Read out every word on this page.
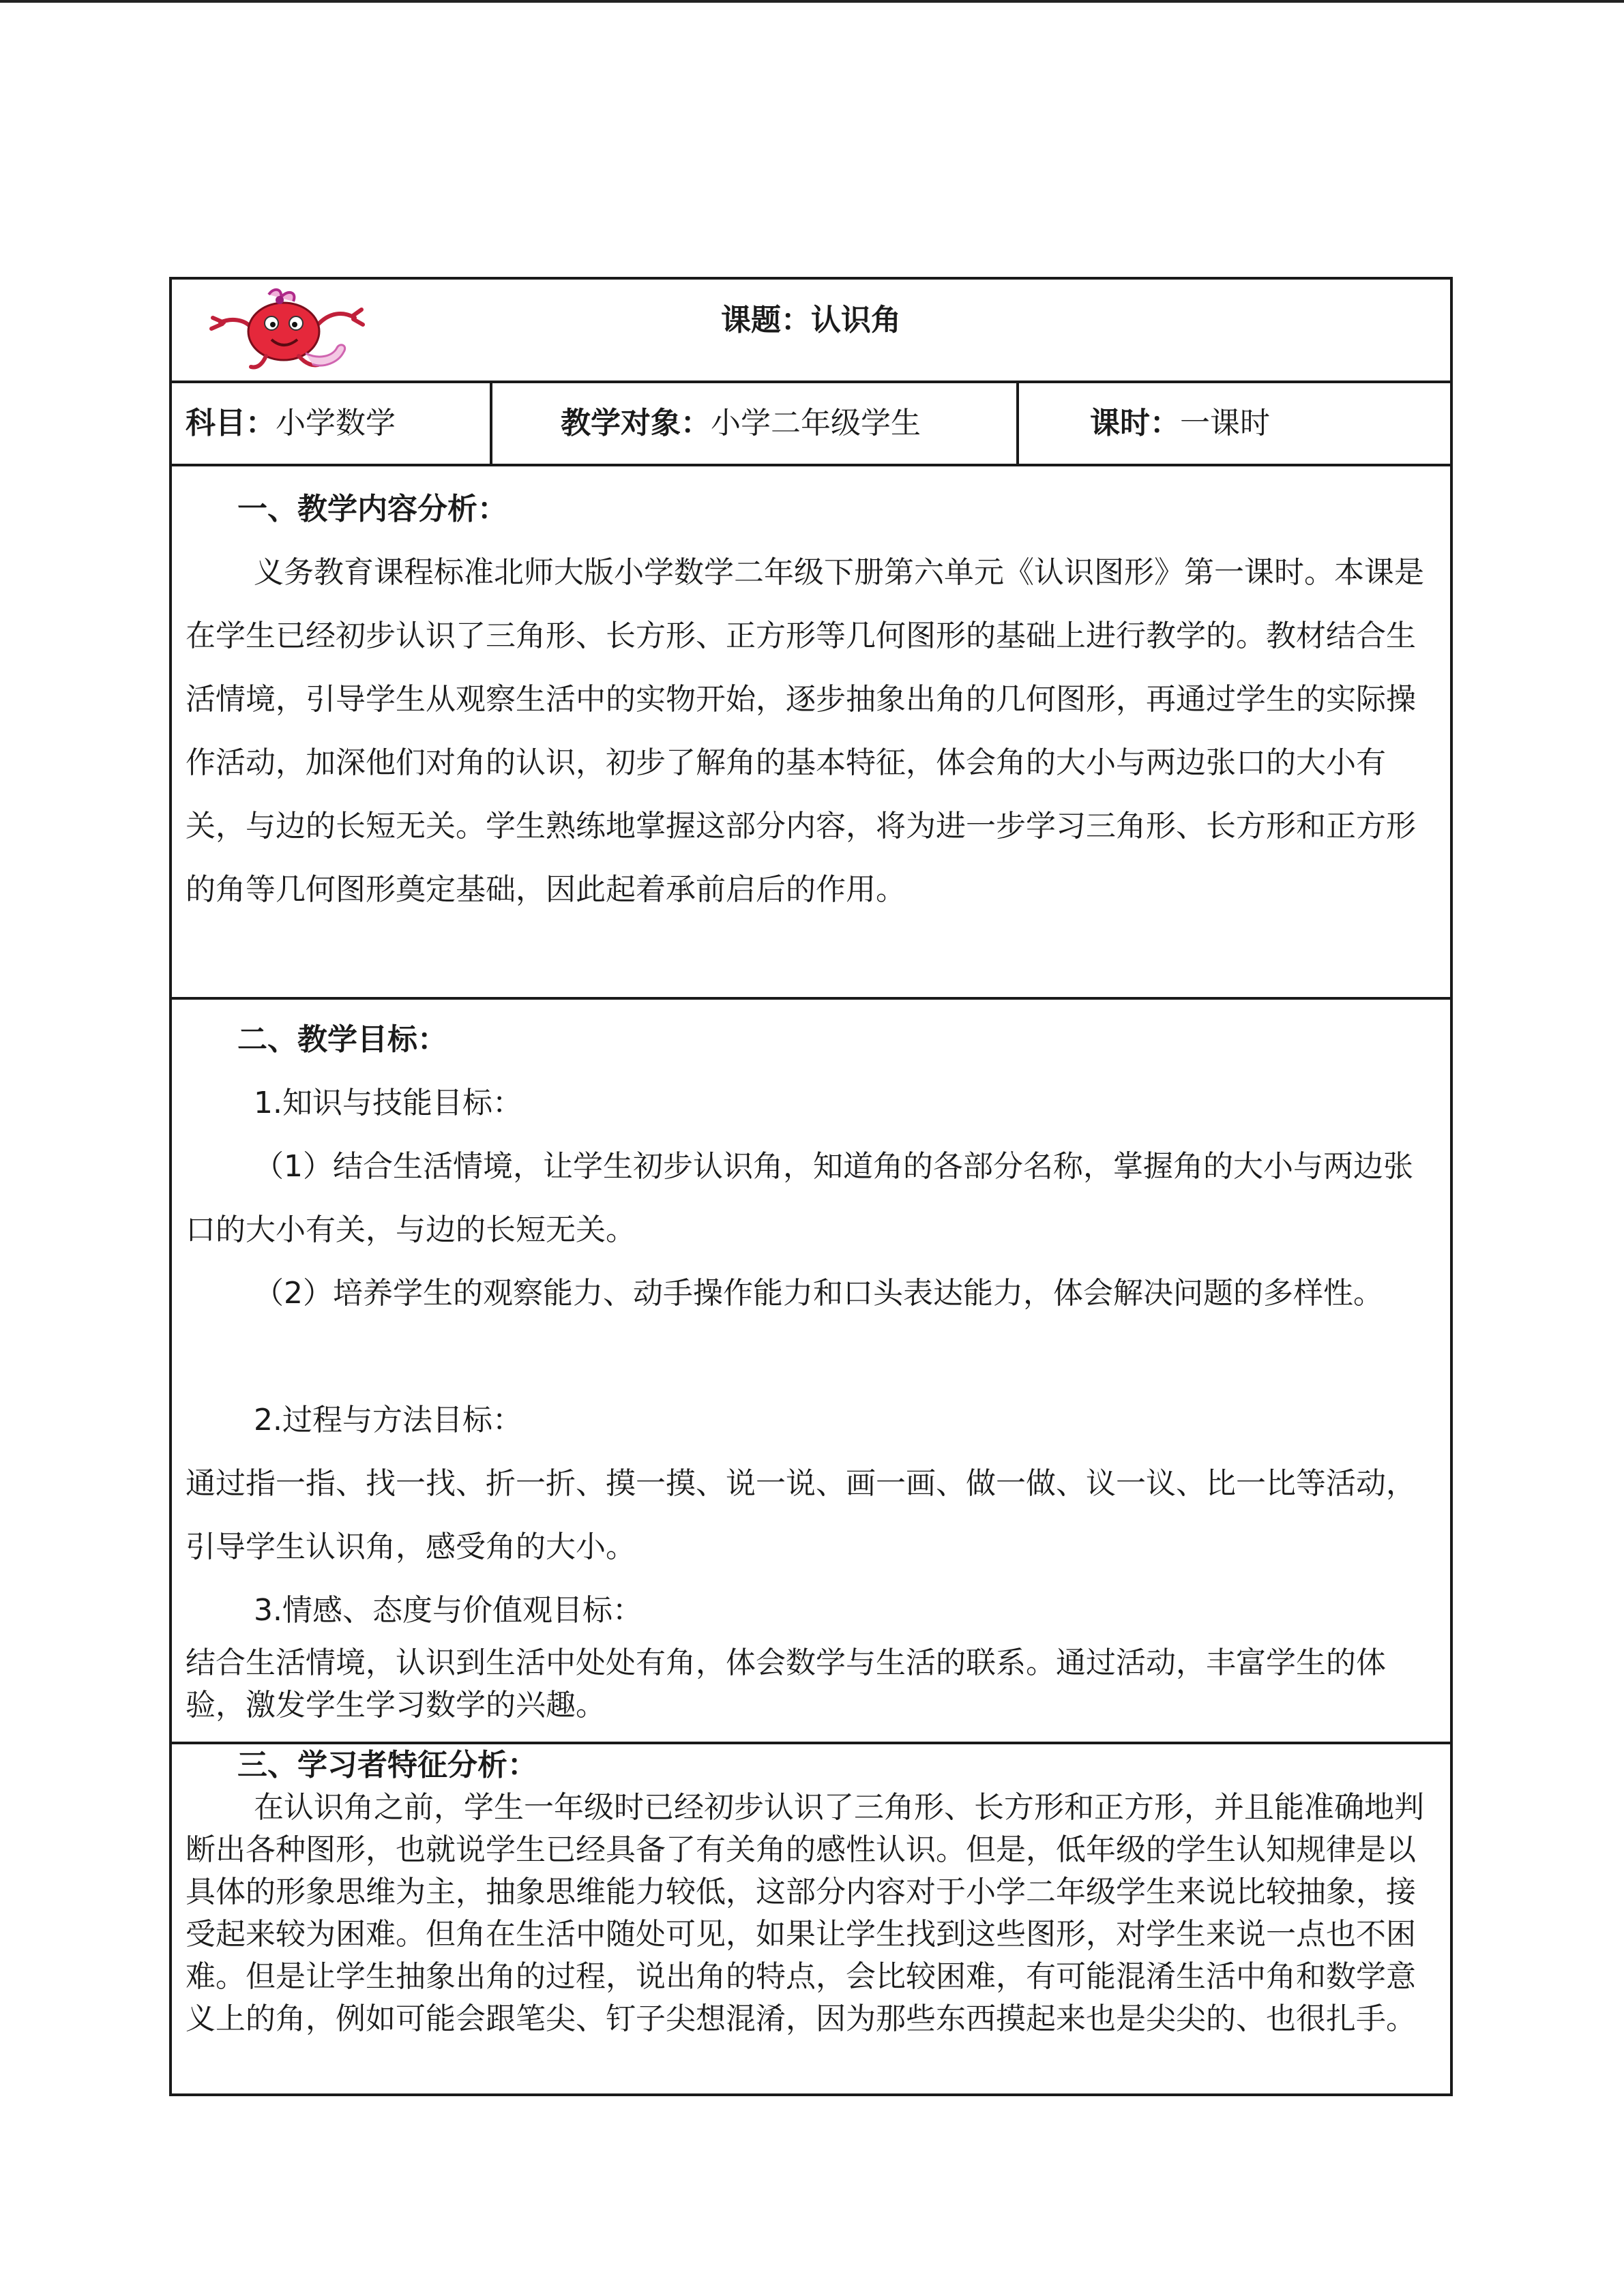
课题：认识角
科目：小学数学	教学对象：小学二年级学生	课时：一课时
一、教学内容分析：

义务教育课程标准北师大版小学数学二年级下册第六单元《认识图形》第一课时。本课是在学生已经初步认识了三角形、长方形、正方形等几何图形的基础上进行教学的。教材结合生活情境，引导学生从观察生活中的实物开始，逐步抽象出角的几何图形，再通过学生的实际操作活动，加深他们对角的认识，初步了解角的基本特征，体会角的大小与两边张口的大小有关，与边的长短无关。学生熟练地掌握这部分内容，将为进一步学习三角形、长方形和正方形的角等几何图形奠定基础，因此起着承前启后的作用。

二、教学目标：
1.知识与技能目标：

（1）结合生活情境，让学生初步认识角，知道角的各部分名称，掌握角的大小与两边张口的大小有关，与边的长短无关。

（2）培养学生的观察能力、动手操作能力和口头表达能力，体会解决问题的多样性。

2.过程与方法目标：

通过指一指、找一找、折一折、摸一摸、说一说、画一画、做一做、议一议、比一比等活动，引导学生认识角，感受角的大小。

3.情感、态度与价值观目标：

结合生活情境，认识到生活中处处有角，体会数学与生活的联系。通过活动，丰富学生的体验，激发学生学习数学的兴趣。

三、学习者特征分析：

在认识角之前，学生一年级时已经初步认识了三角形、长方形和正方形，并且能准确地判断出各种图形，也就说学生已经具备了有关角的感性认识。但是，低年级的学生认知规律是以具体的形象思维为主，抽象思维能力较低，这部分内容对于小学二年级学生来说比较抽象，接受起来较为困难。但角在生活中随处可见，如果让学生找到这些图形，对学生来说一点也不困难。但是让学生抽象出角的过程，说出角的特点，会比较困难，有可能混淆生活中角和数学意义上的角，例如可能会跟笔尖、钉子尖想混淆，因为那些东西摸起来也是尖尖的、也很扎手。
